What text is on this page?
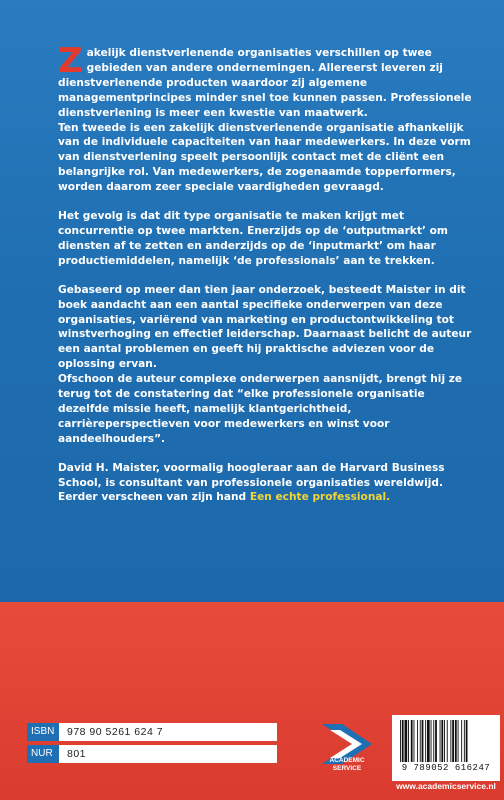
Zakelijk dienstverlenende organisaties verschillen op twee gebieden van andere ondernemingen. Allereerst leveren zij dienstverlenende producten waardoor zij algemene managementprincipes minder snel toe kunnen passen. Professionele dienstverlening is meer een kwestie van maatwerk.

Ten tweede is een zakelijk dienstverlenende organisatie afhankelijk van de individuele capaciteiten van haar medewerkers. In deze vorm van dienstverlening speelt persoonlijk contact met de cliënt een belangrijke rol. Van medewerkers, de zogenaamde topperformers, worden daarom zeer speciale vaardigheden gevraagd.

Het gevolg is dat dit type organisatie te maken krijgt met concurrentie op twee markten. Enerzijds op de ‘outputmarkt’ om diensten af te zetten en anderzijds op de ‘inputmarkt’ om haar productiemiddelen, namelijk ‘de professionals’ aan te trekken.

Gebaseerd op meer dan tien jaar onderzoek, besteedt Maister in dit boek aandacht aan een aantal specifieke onderwerpen van deze organisaties, variërend van marketing en productontwikkeling tot winstverhoging en effectief leiderschap. Daarnaast belicht de auteur een aantal problemen en geeft hij praktische adviezen voor de oplossing ervan.

Ofschoon de auteur complexe onderwerpen aansnijdt, brengt hij ze terug tot de constatering dat “elke professionele organisatie dezelfde missie heeft, namelijk klantgerichtheid, carrièreperspectieven voor medewerkers en winst voor aandeelhouders”.

David H. Maister, voormalig hoogleraar aan de Harvard Business School, is consultant van professionele organisaties wereldwijd. Eerder verscheen van zijn hand Een echte professional.

ISBN	978 90 5261 624 7
NUR	801
ACADEMIC
SERVICE	9 789052 616247
www.academicservice.nl
